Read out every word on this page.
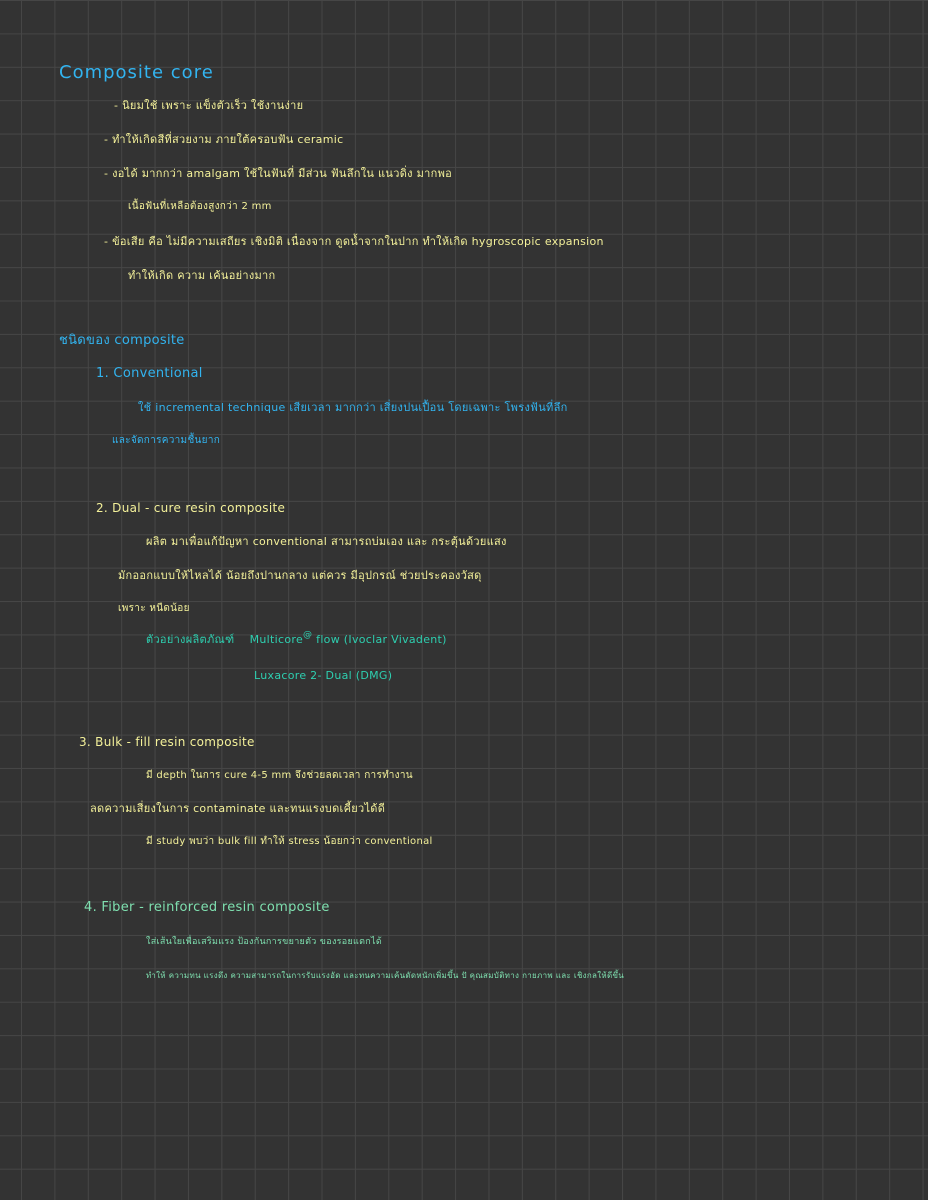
Composite core
- นิยมใช้ เพราะ แข็งตัวเร็ว ใช้งานง่าย
- ทำให้เกิดสีที่สวยงาม ภายใต้ครอบฟัน ceramic
- งอได้ มากกว่า amalgam ใช้ในฟันที่ มีส่วน ฟันลึกใน แนวดิ่ง มากพอ
เนื้อฟันที่เหลือต้องสูงกว่า 2 mm
- ข้อเสีย คือ ไม่มีความเสถียร เชิงมิติ เนื่องจาก ดูดน้ำจากในปาก ทำให้เกิด hygroscopic expansion
ทำให้เกิด ความ เค้นอย่างมาก
ชนิดของ composite
1. Conventional
ใช้ incremental technique เสียเวลา มากกว่า เสี่ยงปนเปื้อน โดยเฉพาะ โพรงฟันที่ลึก
และจัดการความชื้นยาก
2. Dual - cure resin composite
ผลิต มาเพื่อแก้ปัญหา conventional สามารถบ่มเอง และ กระตุ้นด้วยแสง
มักออกแบบให้ไหลได้ น้อยถึงปานกลาง แต่ควร มีอุปกรณ์ ช่วยประคองวัสดุ
เพราะ หนืดน้อย
ตัวอย่างผลิตภัณฑ์ Multicore@ flow (Ivoclar Vivadent)
Luxacore 2- Dual (DMG)
3. Bulk - fill resin composite
มี depth ในการ cure 4-5 mm จึงช่วยลดเวลา การทำงาน
ลดความเสี่ยงในการ contaminate และทนแรงบดเคี้ยวได้ดี
มี study พบว่า bulk fill ทำให้ stress น้อยกว่า conventional
4. Fiber - reinforced resin composite
ใส่เส้นใยเพื่อเสริมแรง ป้องกันการขยายตัว ของรอยแตกได้
ทำให้ ความทน แรงดึง ความสามารถในการรับแรงอัด และทนความเค้นดัดหนักเพิ่มขึ้น ปั คุณสมบัติทาง กายภาพ และ เชิงกลให้ดีขึ้น
